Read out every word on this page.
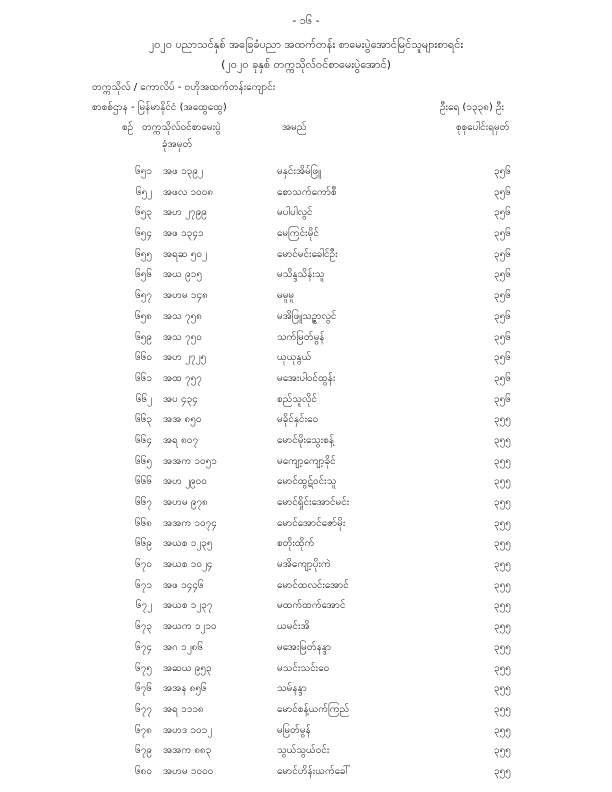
- ၁၆ -
၂၀၂၀ ပညာသင်နှစ် အခြေခံပညာ အထက်တန်း စာမေးပွဲအောင်မြင်သူများစာရင်း
(၂၀၂၀ ခုနှစ် တက္ကသိုလ်ဝင်စာမေးပွဲအောင်)
တက္ကသိုလ် / ကောလိပ် - ဗဟိုအထက်တန်းကျောင်း
စာစစ်ဌာန - မြန်မာနိုင်ငံ (အထွေထွေ)	ဦးရေ (၁၃၃၈) ဦး
စဉ် တက္ကသိုလ်ဝင်စာမေးပွဲ
ခုံအမှတ်
အမည်	စုစုပေါင်းရမှတ်
၆၅၁ အဖ ၁၃၉၂	မနှင်းအိမ်ဖြူ	၃၅၆
၆၅၂ အဖလ ၁၀၀၈	စောသက်ကော်စီ	၃၅၆
၆၅၃ အဟ ၂၇၉၉	မပါပါလွင်	၃၅၆
၆၅၄ အဖ ၁၃၄၁	မေကြင်းမိုင်	၃၅၆
၆၅၅ အရဆ ၅၀၂	မောင်မင်းခေါင်ဦး	၃၅၆
၆၅၆ အယ ၉၁၅	မသိန္ဒသိန်းသူ	၃၅၆
၆၅၇ အဟမ ၁၄၈	မမူမူ	၃၅၆
၆၅၈ အသ ၇၅၈	မအိဖြူသဉ္ဇာလွင်	၃၅၆
၆၅၉ အသ ၇၅၀	သက်မြတ်မွန်	၃၅၆
၆၆၀ အဟ ၂၇၂၅	ယုယုနွယ်	၃၅၆
၆၆၁ အထ ၇၅၇	မအေးပါဝင်ထွန်း	၃၅၆
၆၆၂ အပ ၄၃၄	စည်သူလိုင်	၃၅၆
၆၆၃ အအ ၈၅၀	မခိုင်နှင်းဝေ	၃၅၅
၆၆၄ အရ ၈၀၇	မောင်မိုးသွေးစန့်	၃၅၅
၆၆၅ အအက ၁၀၅၁	မကျော့ကျော့ခိုင်	၃၅၅
၆၆၆ အဟ ၂၉၀၀	မောင်ထွဋ်ဝင်းသူ	၃၅၅
၆၆၇ အဟမ ၉၇၈	မောင်ရှိုင်းအောင်မင်း	၃၅၅
၆၆၈ အအက ၁၀၇၄	မောင်အောင်ဇော်မိုး	၃၅၅
၆၆၉ အယစ ၁၂၃၅	စတိုးထိုက်	၃၅၅
၆၇၀ အယစ ၁၀၂၄	မအိကျော့ပိုးကဲ	၃၅၅
၆၇၁ အဖ ၁၄၄၆	မောင်ထလင်းအောင်	၃၅၅
၆၇၂ အယစ ၁၂၃၇	မထက်ထက်အောင်	၃၅၅
၆၇၃ အယက ၁၂၁၀	ယမင်းအိ	၃၅၅
၆၇၄ အဂ ၁၂၈၆	မအေးမြတ်နန္ဒာ	၃၅၅
၆၇၅ အဆယ ၉၅၃	မသင်းသင်းဝေ	၃၅၅
၆၇၆ အအန ၈၅၆	သမ်နန္ဒာ	၃၅၅
၆၇၇ အရ ၁၁၁၈	မောင်စန့်ယက်ကြည်	၃၅၅
၆၇၈ အဟဒ ၁၀၁၂	မမြတ်မွန်	၃၅၅
၆၇၉ အအက ၈၈၃	သွယ်သွယ်ဝင်း	၃၅၅
၆၈၀ အဟမ ၁၀၀၀	မောင်ဟိန်းယက်ခေါ်	၃၅၅
